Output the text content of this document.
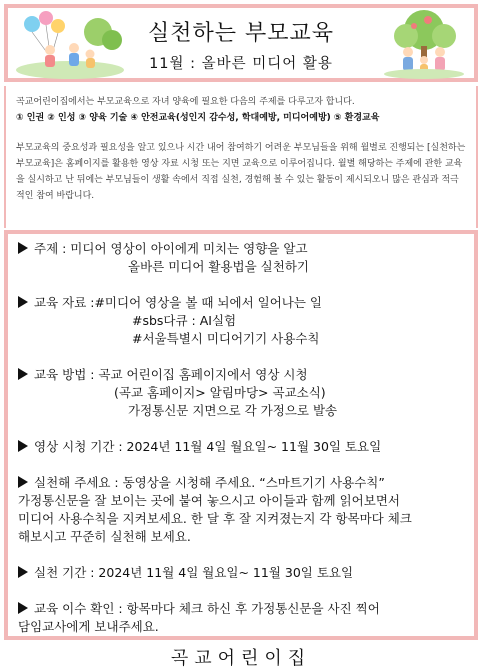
실천하는 부모교육
11월 : 올바른 미디어 활용

곡교어린이집에서는 부모교육으로 자녀 양육에 필요한 다음의 주제를 다루고자 합니다.

① 인권 ② 인성 ③ 양육 기술 ④ 안전교육(성인지 감수성, 학대예방, 미디어예방) ⑤ 환경교육

부모교육의 중요성과 필요성을 알고 있으나 시간 내어 참여하기 어려운 부모님들을 위해 월별로 진행되는 [실천하는 부모교육]은 홈페이지를 활용한 영상 자료 시청 또는 지면 교육으로 이루어집니다. 월별 해당하는 주제에 관한 교육을 실시하고 난 뒤에는 부모님들이 생활 속에서 직접 실천, 경험해 볼 수 있는 활동이 제시되오니 많은 관심과 적극적인 참여 바랍니다.

주제 : 미디어 영상이 아이에게 미치는 영향을 알고
올바른 미디어 활용법을 실천하기
교육 자료 :#미디어 영상을 볼 때 뇌에서 일어나는 일
#sbs다큐 : AI실험
#서울특별시 미디어기기 사용수칙
교육 방법 : 곡교 어린이집 홈페이지에서 영상 시청
(곡교 홈페이지> 알림마당> 곡교소식)
가정통신문 지면으로 각 가정으로 발송
영상 시청 기간 : 2024년 11월 4일 월요일~ 11월 30일 토요일
실천해 주세요 : 동영상을 시청해 주세요. “스마트기기 사용수칙”
가정통신문을 잘 보이는 곳에 붙여 놓으시고 아이들과 함께 읽어보면서
미디어 사용수칙을 지켜보세요. 한 달 후 잘 지켜졌는지 각 항목마다 체크
해보시고 꾸준히 실천해 보세요.
실천 기간 : 2024년 11월 4일 월요일~ 11월 30일 토요일
교육 이수 확인 : 항목마다 체크 하신 후 가정통신문을 사진 찍어
담임교사에게 보내주세요.
곡교어린이집
